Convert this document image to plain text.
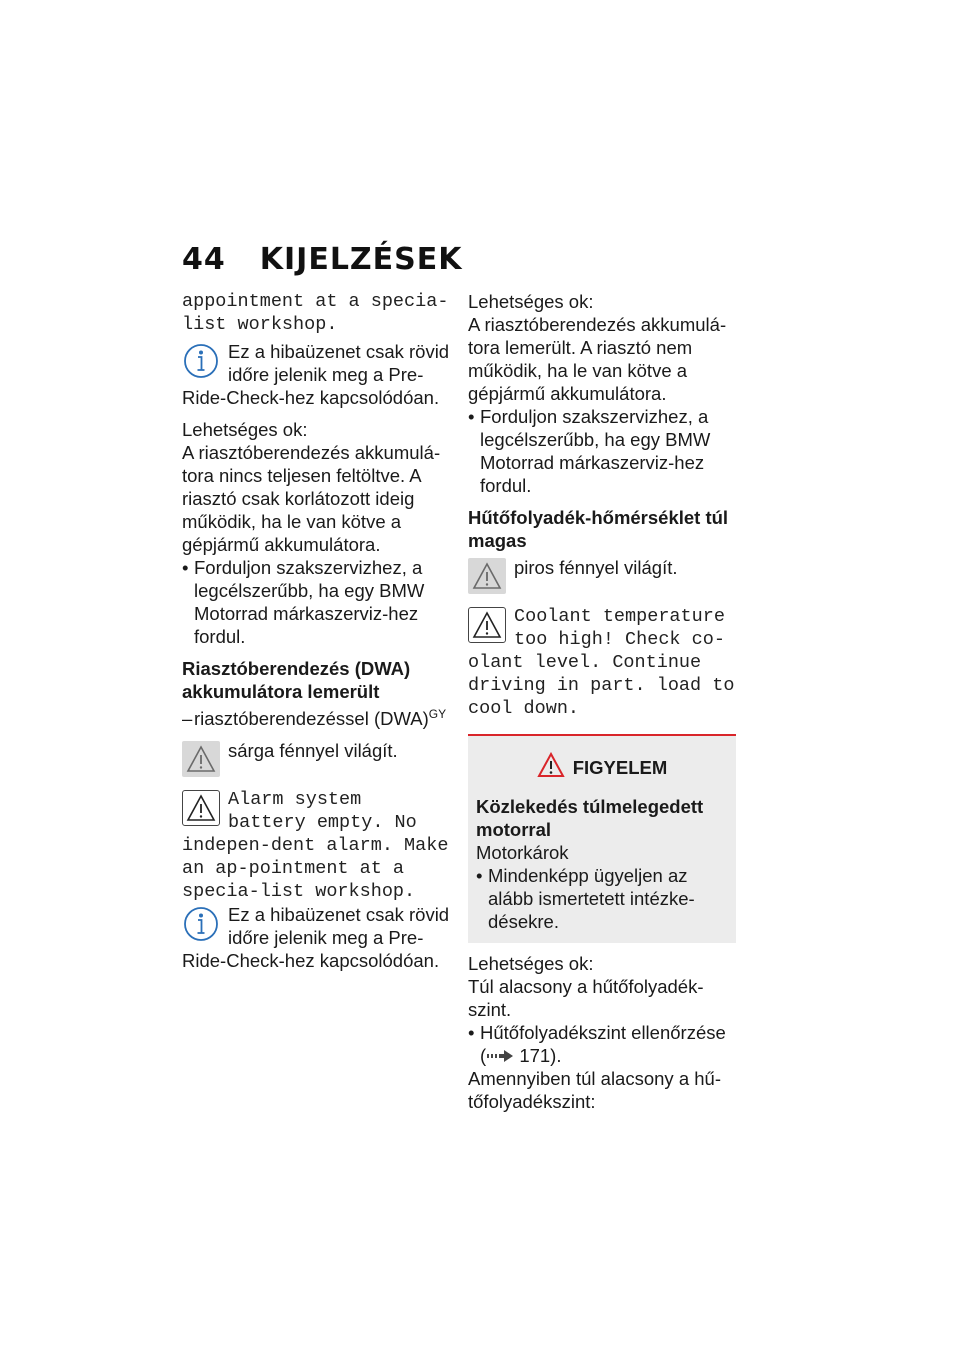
44 KIJELZÉSEK

appointment at a specia-
list workshop.

Ez a hibaüzenet csak rövid időre jelenik meg a Pre-Ride-Check-hez kapcsolódóan.

Lehetséges ok:

A riasztóberendezés akkumulá-tora nincs teljesen feltöltve. A riasztó csak korlátozott ideig működik, ha le van kötve a gépjármű akkumulátora.

• Forduljon szakszervizhez, a legcélszerűbb, ha egy BMW Motorrad márkaszerviz-hez fordul.

Riasztóberendezés (DWA) akkumulátora lemerült

–riasztóberendezéssel (DWA)$^{GY}$

sárga fénnyel világít.

Alarm system battery empty. No indepen-dent alarm. Make an ap-pointment at a specia-list workshop.

Ez a hibaüzenet csak rövid időre jelenik meg a Pre-Ride-Check-hez kapcsolódóan.

Lehetséges ok:

A riasztóberendezés akkumulá-tora lemerült. A riasztó nem működik, ha le van kötve a gépjármű akkumulátora.

• Forduljon szakszervizhez, a legcélszerűbb, ha egy BMW Motorrad márkaszerviz-hez fordul.

Hűtőfolyadék-hőmérséklet túl magas

piros fénnyel világít.

Coolant temperature too high! Check co-olant level. Continue driving in part. load to cool down.

FIGYELEM
Közlekedés túlmelegedett motorral

Motorkárok

• Mindenképp ügyeljen az alább ismertetett intézke-désekre.

Lehetséges ok:

Túl alacsony a hűtőfolyadék-szint.

• Hűtőfolyadékszint ellenőrzése

( 171).

Amennyiben túl alacsony a hű-tőfolyadékszint:
